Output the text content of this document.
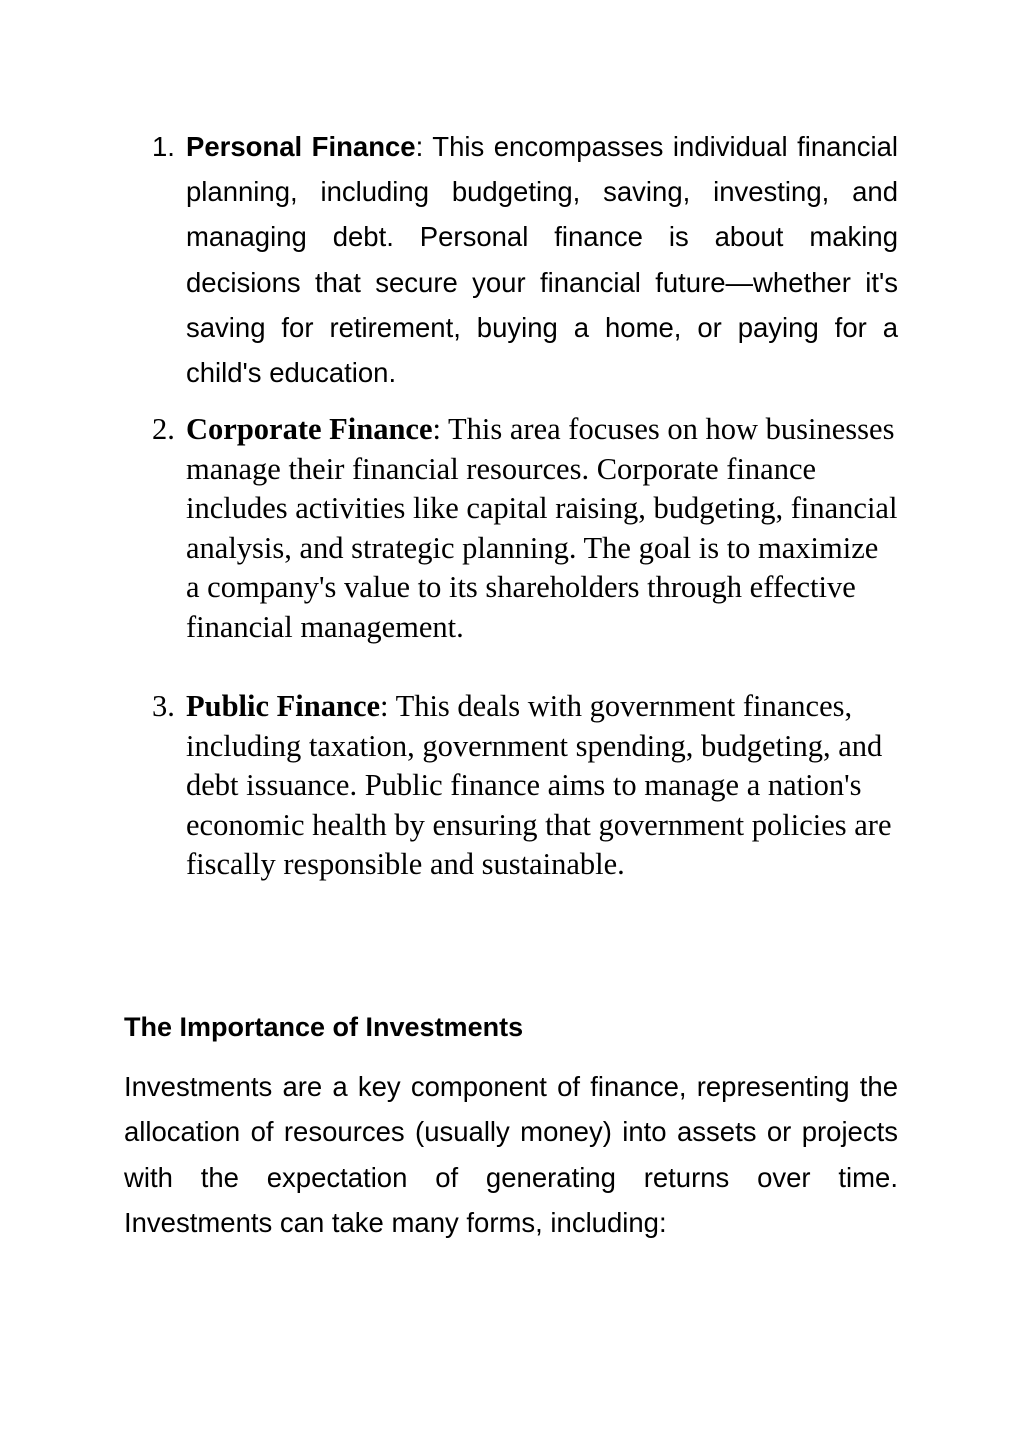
1. Personal Finance: This encompasses individual financial planning, including budgeting, saving, investing, and managing debt. Personal finance is about making decisions that secure your financial future—whether it's saving for retirement, buying a home, or paying for a child's education.
2. Corporate Finance: This area focuses on how businesses manage their financial resources. Corporate finance includes activities like capital raising, budgeting, financial analysis, and strategic planning. The goal is to maximize a company's value to its shareholders through effective financial management.
3. Public Finance: This deals with government finances, including taxation, government spending, budgeting, and debt issuance. Public finance aims to manage a nation's economic health by ensuring that government policies are fiscally responsible and sustainable.
The Importance of Investments

Investments are a key component of finance, representing the allocation of resources (usually money) into assets or projects with the expectation of generating returns over time. Investments can take many forms, including:
